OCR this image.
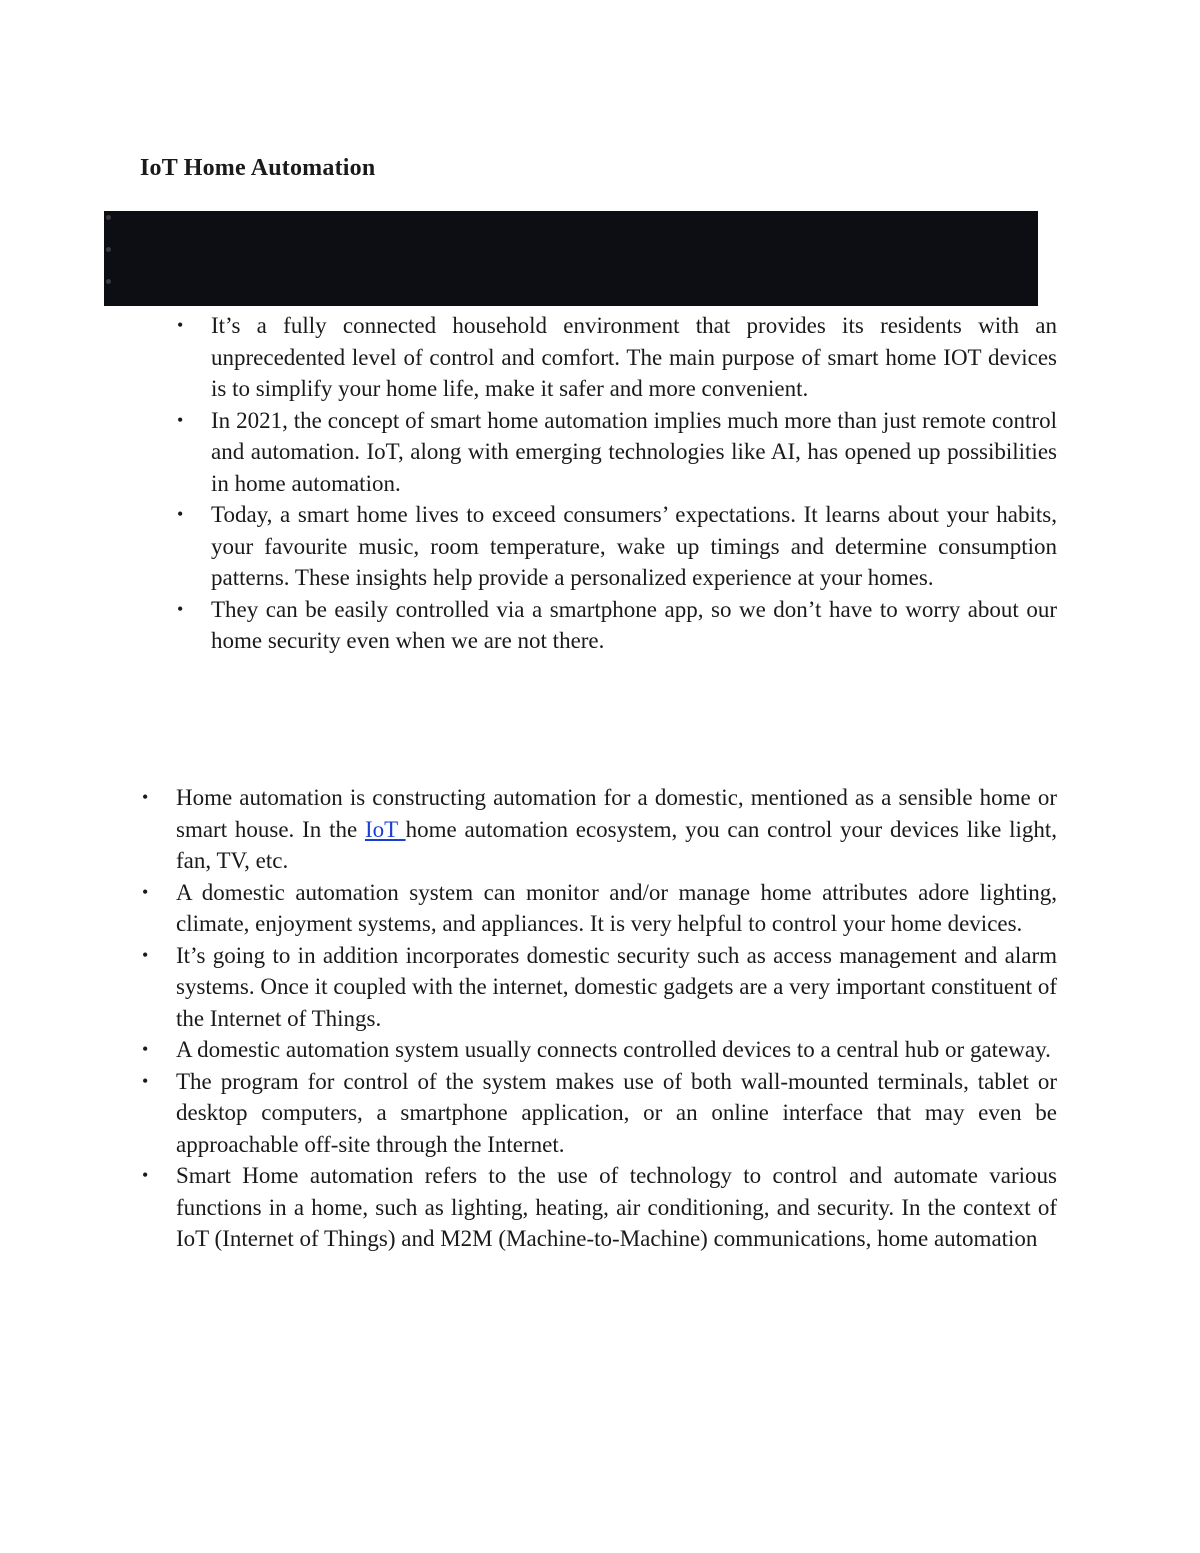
IoT Home Automation
• It’s a fully connected household environment that provides its residents with an unprecedented level of control and comfort. The main purpose of smart home IOT devices is to simplify your home life, make it safer and more convenient.
• In 2021, the concept of smart home automation implies much more than just remote control and automation. IoT, along with emerging technologies like AI, has opened up possibilities in home automation.
• Today, a smart home lives to exceed consumers’ expectations. It learns about your habits, your favourite music, room temperature, wake up timings and determine consumption patterns. These insights help provide a personalized experience at your homes.
• They can be easily controlled via a smartphone app, so we don’t have to worry about our home security even when we are not there.
• Home automation is constructing automation for a domestic, mentioned as a sensible home or smart house. In the IoT home automation ecosystem, you can control your devices like light, fan, TV, etc.
• A domestic automation system can monitor and/or manage home attributes adore lighting, climate, enjoyment systems, and appliances. It is very helpful to control your home devices.
• It’s going to in addition incorporates domestic security such as access management and alarm systems. Once it coupled with the internet, domestic gadgets are a very important constituent of the Internet of Things.
• A domestic automation system usually connects controlled devices to a central hub or gateway.
• The program for control of the system makes use of both wall-mounted terminals, tablet or desktop computers, a smartphone application, or an online interface that may even be approachable off-site through the Internet.
• Smart Home automation refers to the use of technology to control and automate various functions in a home, such as lighting, heating, air conditioning, and security. In the context of IoT (Internet of Things) and M2M (Machine-to-Machine) communications, home automation
